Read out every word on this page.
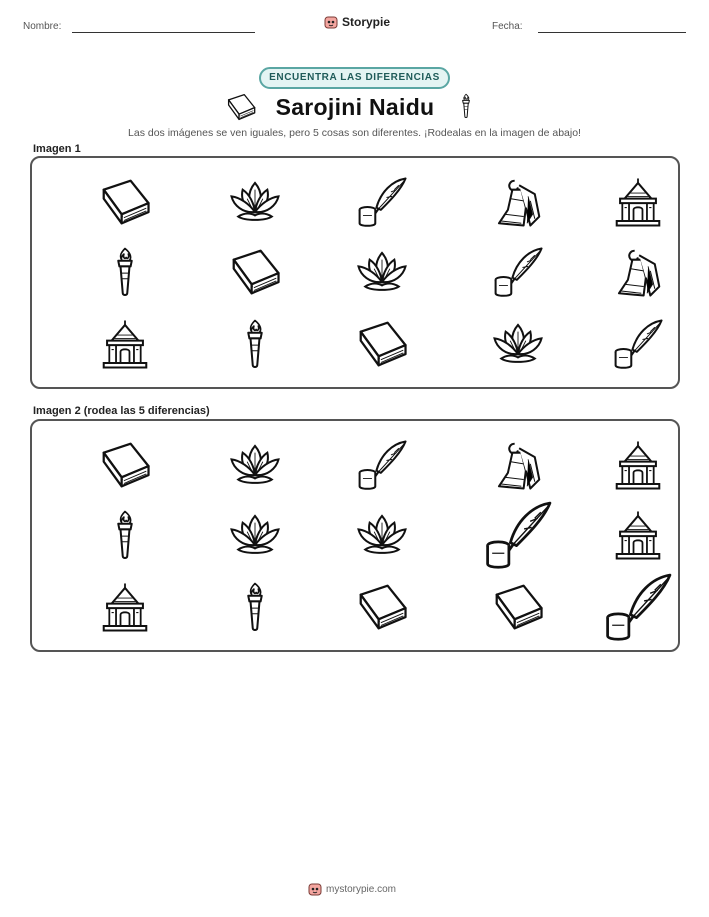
Nombre:	Storypie	Fecha:
ENCUENTRA LAS DIFERENCIAS
Sarojini Naidu
Las dos imágenes se ven iguales, pero 5 cosas son diferentes. ¡Rodealas en la imagen de abajo!
Imagen 1
Imagen 2 (rodea las 5 diferencias)
mystorypie.com
